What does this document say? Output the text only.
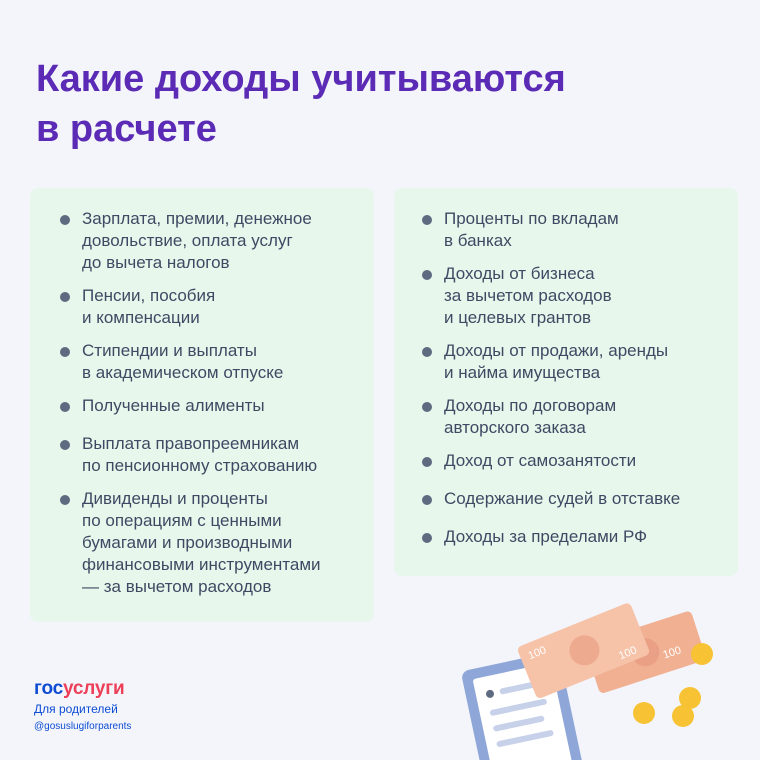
Какие доходы учитываются
в расчете
Зарплата, премии, денежное
довольствие, оплата услуг
до вычета налогов
Пенсии, пособия
и компенсации
Стипендии и выплаты
в академическом отпуске
Полученные алименты
Выплата правопреемникам
по пенсионному страхованию
Дивиденды и проценты
по операциям с ценными
бумагами и производными
финансовыми инструментами
— за вычетом расходов
Проценты по вкладам
в банках
Доходы от бизнеса
за вычетом расходов
и целевых грантов
Доходы от продажи, аренды
и найма имущества
Доходы по договорам
авторского заказа
Доход от самозанятости
Содержание судей в отставке
Доходы за пределами РФ
госуслуги
Для родителей
@gosuslugiforparents
100
100	100
